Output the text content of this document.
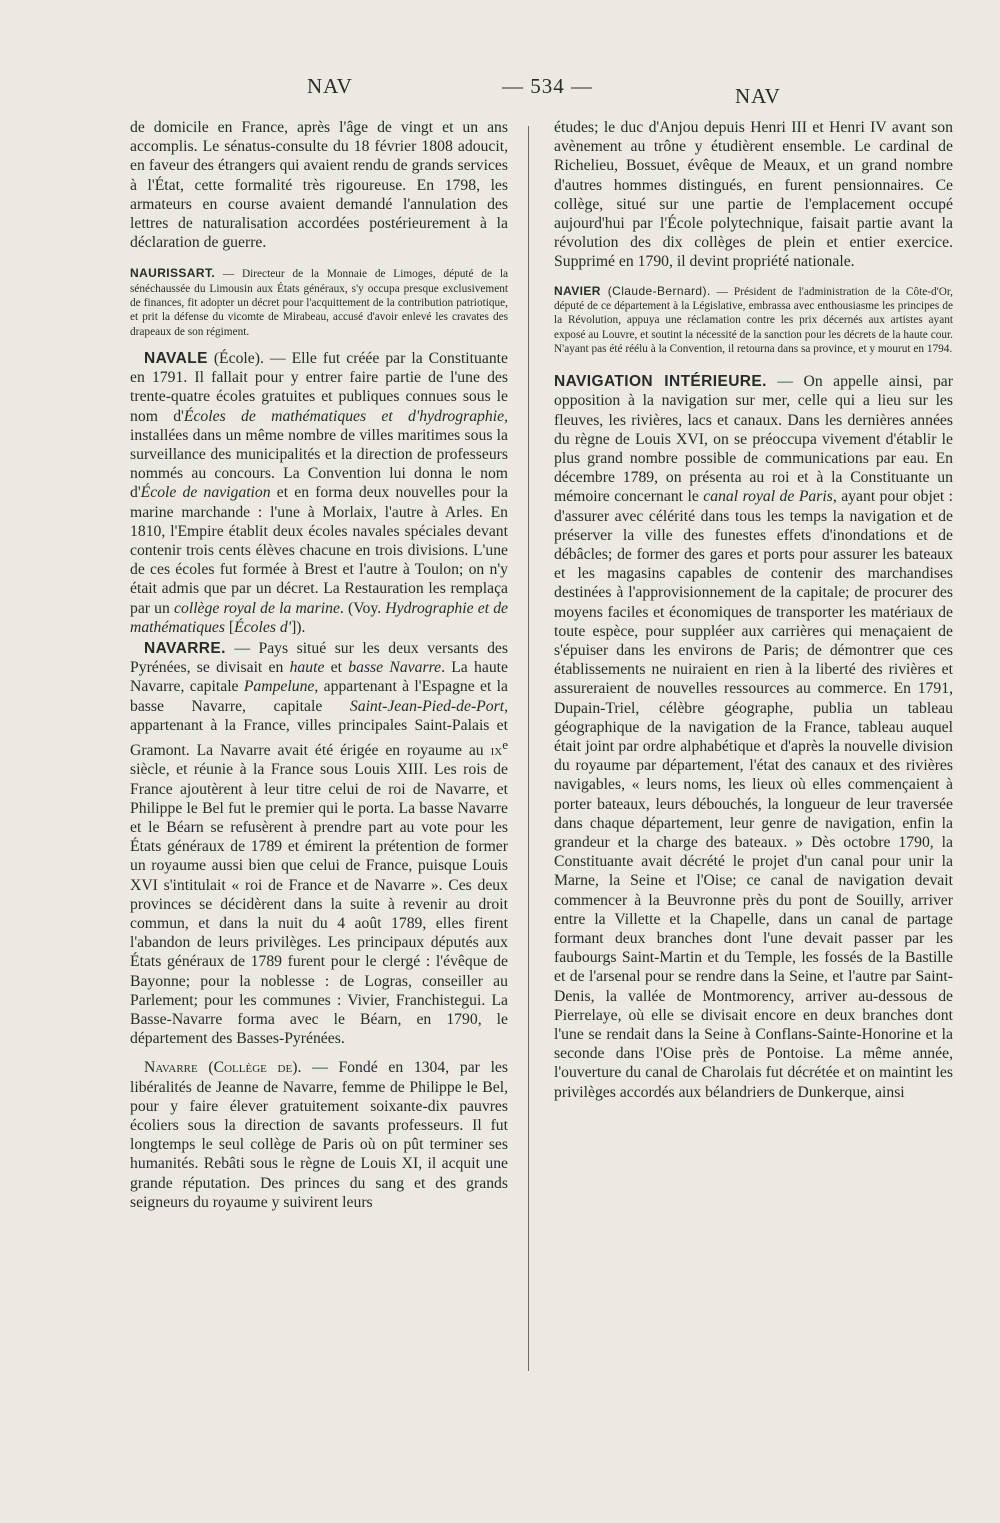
NAV	— 534 —	NAV

de domicile en France, après l'âge de vingt et un ans accomplis. Le sénatus-consulte du 18 février 1808 adoucit, en faveur des étrangers qui avaient rendu de grands services à l'État, cette formalité très rigoureuse. En 1798, les armateurs en course avaient demandé l'annulation des lettres de naturalisation accordées postérieurement à la déclaration de guerre.

NAURISSART. — Directeur de la Monnaie de Limoges, député de la sénéchaussée du Limousin aux États généraux, s'y occupa presque exclusivement de finances, fit adopter un décret pour l'acquittement de la contribution patriotique, et prit la défense du vicomte de Mirabeau, accusé d'avoir enlevé les cravates des drapeaux de son régiment.

NAVALE (École). — Elle fut créée par la Constituante en 1791. Il fallait pour y entrer faire partie de l'une des trente-quatre écoles gratuites et publiques connues sous le nom d'Écoles de mathématiques et d'hydrographie, installées dans un même nombre de villes maritimes sous la surveillance des municipalités et la direction de professeurs nommés au concours. La Convention lui donna le nom d'École de navigation et en forma deux nouvelles pour la marine marchande : l'une à Morlaix, l'autre à Arles. En 1810, l'Empire établit deux écoles navales spéciales devant contenir trois cents élèves chacune en trois divisions. L'une de ces écoles fut formée à Brest et l'autre à Toulon; on n'y était admis que par un décret. La Restauration les remplaça par un collège royal de la marine. (Voy. Hydrographie et de mathématiques [Écoles d']).

NAVARRE. — Pays situé sur les deux versants des Pyrénées, se divisait en haute et basse Navarre. La haute Navarre, capitale Pampelune, appartenant à l'Espagne et la basse Navarre, capitale Saint-Jean-Pied-de-Port, appartenant à la France, villes principales Saint-Palais et Gramont. La Navarre avait été érigée en royaume au $ix^e$ siècle, et réunie à la France sous Louis XIII. Les rois de France ajoutèrent à leur titre celui de roi de Navarre, et Philippe le Bel fut le premier qui le porta. La basse Navarre et le Béarn se refusèrent à prendre part au vote pour les États généraux de 1789 et émirent la prétention de former un royaume aussi bien que celui de France, puisque Louis XVI s'intitulait « roi de France et de Navarre ». Ces deux provinces se décidèrent dans la suite à revenir au droit commun, et dans la nuit du 4 août 1789, elles firent l'abandon de leurs privilèges. Les principaux députés aux États généraux de 1789 furent pour le clergé : l'évêque de Bayonne; pour la noblesse : de Logras, conseiller au Parlement; pour les communes : Vivier, Franchistegui. La Basse-Navarre forma avec le Béarn, en 1790, le département des Basses-Pyrénées.

Navarre (Collège de). — Fondé en 1304, par les libéralités de Jeanne de Navarre, femme de Philippe le Bel, pour y faire élever gratuitement soixante-dix pauvres écoliers sous la direction de savants professeurs. Il fut longtemps le seul collège de Paris où on pût terminer ses humanités. Rebâti sous le règne de Louis XI, il acquit une grande réputation. Des princes du sang et des grands seigneurs du royaume y suivirent leurs

études; le duc d'Anjou depuis Henri III et Henri IV avant son avènement au trône y étudièrent ensemble. Le cardinal de Richelieu, Bossuet, évêque de Meaux, et un grand nombre d'autres hommes distingués, en furent pensionnaires. Ce collège, situé sur une partie de l'emplacement occupé aujourd'hui par l'École polytechnique, faisait partie avant la révolution des dix collèges de plein et entier exercice. Supprimé en 1790, il devint propriété nationale.

NAVIER (Claude-Bernard). — Président de l'administration de la Côte-d'Or, député de ce département à la Législative, embrassa avec enthousiasme les principes de la Révolution, appuya une réclamation contre les prix décernés aux artistes ayant exposé au Louvre, et soutint la nécessité de la sanction pour les décrets de la haute cour. N'ayant pas été réélu à la Convention, il retourna dans sa province, et y mourut en 1794.

NAVIGATION INTÉRIEURE. — On appelle ainsi, par opposition à la navigation sur mer, celle qui a lieu sur les fleuves, les rivières, lacs et canaux. Dans les dernières années du règne de Louis XVI, on se préoccupa vivement d'établir le plus grand nombre possible de communications par eau. En décembre 1789, on présenta au roi et à la Constituante un mémoire concernant le canal royal de Paris, ayant pour objet : d'assurer avec célérité dans tous les temps la navigation et de préserver la ville des funestes effets d'inondations et de débâcles; de former des gares et ports pour assurer les bateaux et les magasins capables de contenir des marchandises destinées à l'approvisionnement de la capitale; de procurer des moyens faciles et économiques de transporter les matériaux de toute espèce, pour suppléer aux carrières qui menaçaient de s'épuiser dans les environs de Paris; de démontrer que ces établissements ne nuiraient en rien à la liberté des rivières et assureraient de nouvelles ressources au commerce. En 1791, Dupain-Triel, célèbre géographe, publia un tableau géographique de la navigation de la France, tableau auquel était joint par ordre alphabétique et d'après la nouvelle division du royaume par département, l'état des canaux et des rivières navigables, « leurs noms, les lieux où elles commençaient à porter bateaux, leurs débouchés, la longueur de leur traversée dans chaque département, leur genre de navigation, enfin la grandeur et la charge des bateaux. » Dès octobre 1790, la Constituante avait décrété le projet d'un canal pour unir la Marne, la Seine et l'Oise; ce canal de navigation devait commencer à la Beuvronne près du pont de Souilly, arriver entre la Villette et la Chapelle, dans un canal de partage formant deux branches dont l'une devait passer par les faubourgs Saint-Martin et du Temple, les fossés de la Bastille et de l'arsenal pour se rendre dans la Seine, et l'autre par Saint-Denis, la vallée de Montmorency, arriver au-dessous de Pierrelaye, où elle se divisait encore en deux branches dont l'une se rendait dans la Seine à Conflans-Sainte-Honorine et la seconde dans l'Oise près de Pontoise. La même année, l'ouverture du canal de Charolais fut décrétée et on maintint les privilèges accordés aux bélandriers de Dunkerque, ainsi
